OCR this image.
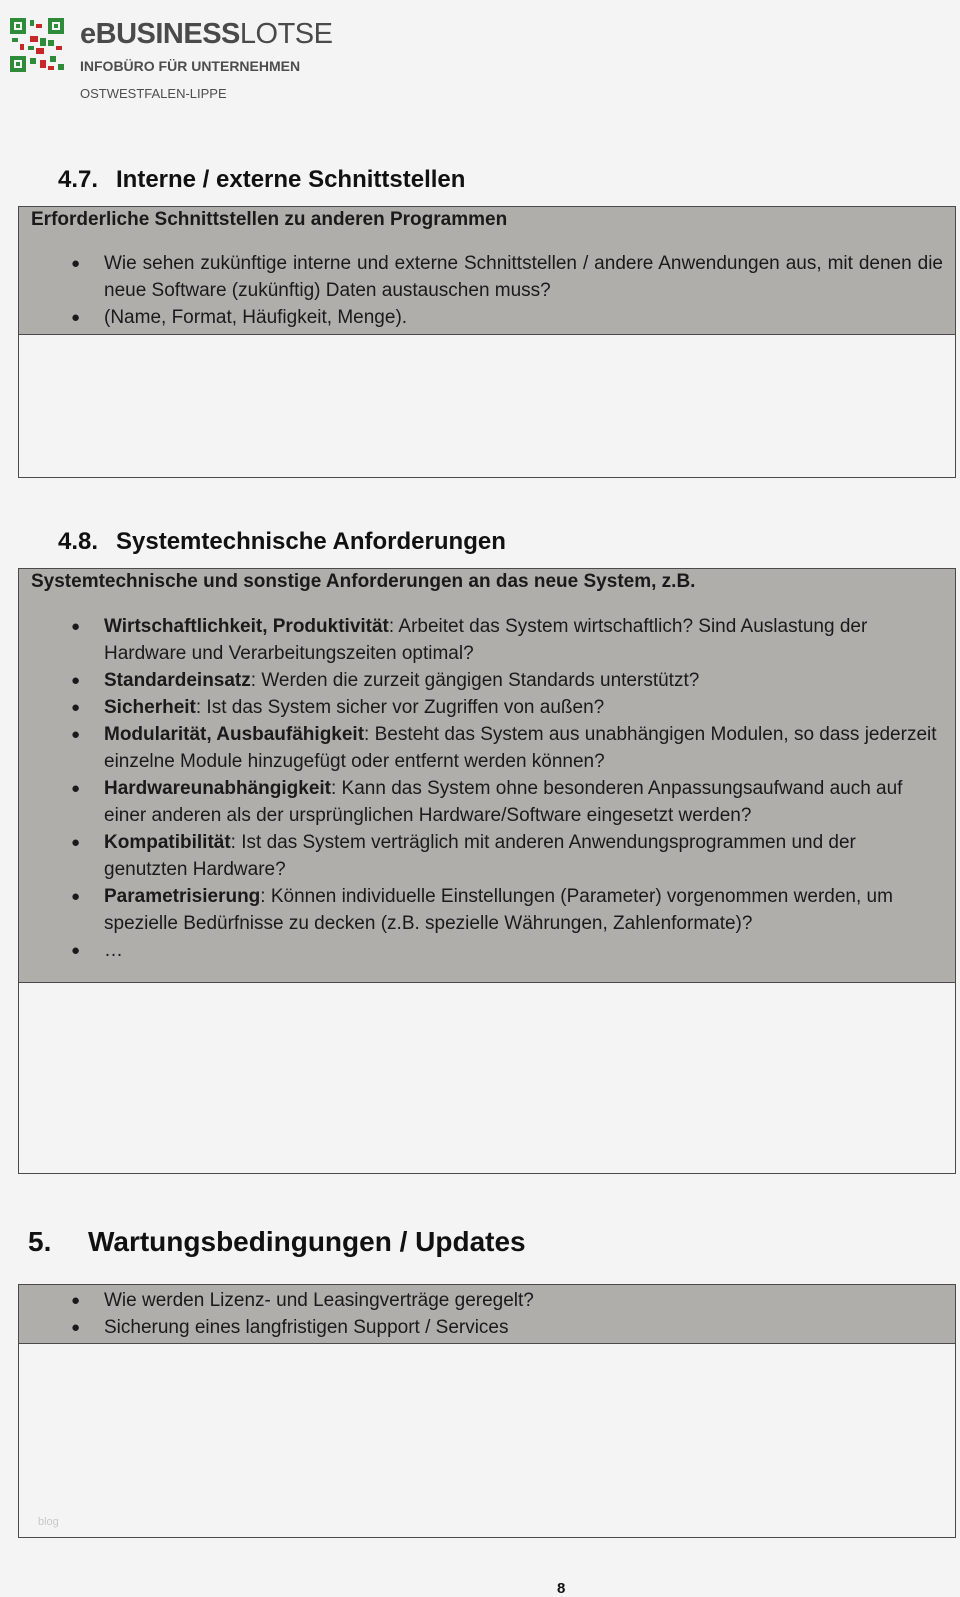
eBUSINESSLOTSE
INFOBÜRO FÜR UNTERNEHMEN
OSTWESTFALEN-LIPPE
4.7. Interne / externe Schnittstellen

Erforderliche Schnittstellen zu anderen Programmen

● Wie sehen zukünftige interne und externe Schnittstellen / andere Anwendungen aus, mit denen die neue Software (zukünftig) Daten austauschen muss?
● (Name, Format, Häufigkeit, Menge).
4.8. Systemtechnische Anforderungen

Systemtechnische und sonstige Anforderungen an das neue System, z.B.

● Wirtschaftlichkeit, Produktivität: Arbeitet das System wirtschaftlich? Sind Auslastung der Hardware und Verarbeitungszeiten optimal?
● Standardeinsatz: Werden die zurzeit gängigen Standards unterstützt?
● Sicherheit: Ist das System sicher vor Zugriffen von außen?
● Modularität, Ausbaufähigkeit: Besteht das System aus unabhängigen Modulen, so dass jederzeit einzelne Module hinzugefügt oder entfernt werden können?
● Hardwareunabhängigkeit: Kann das System ohne besonderen Anpassungsaufwand auch auf einer anderen als der ursprünglichen Hardware/Software eingesetzt werden?
● Kompatibilität: Ist das System verträglich mit anderen Anwendungsprogrammen und der genutzten Hardware?
● Parametrisierung: Können individuelle Einstellungen (Parameter) vorgenommen werden, um spezielle Bedürfnisse zu decken (z.B. spezielle Währungen, Zahlenformate)?
● …
5. Wartungsbedingungen / Updates
● Wie werden Lizenz- und Leasingverträge geregelt?
● Sicherung eines langfristigen Support / Services
blog
8
